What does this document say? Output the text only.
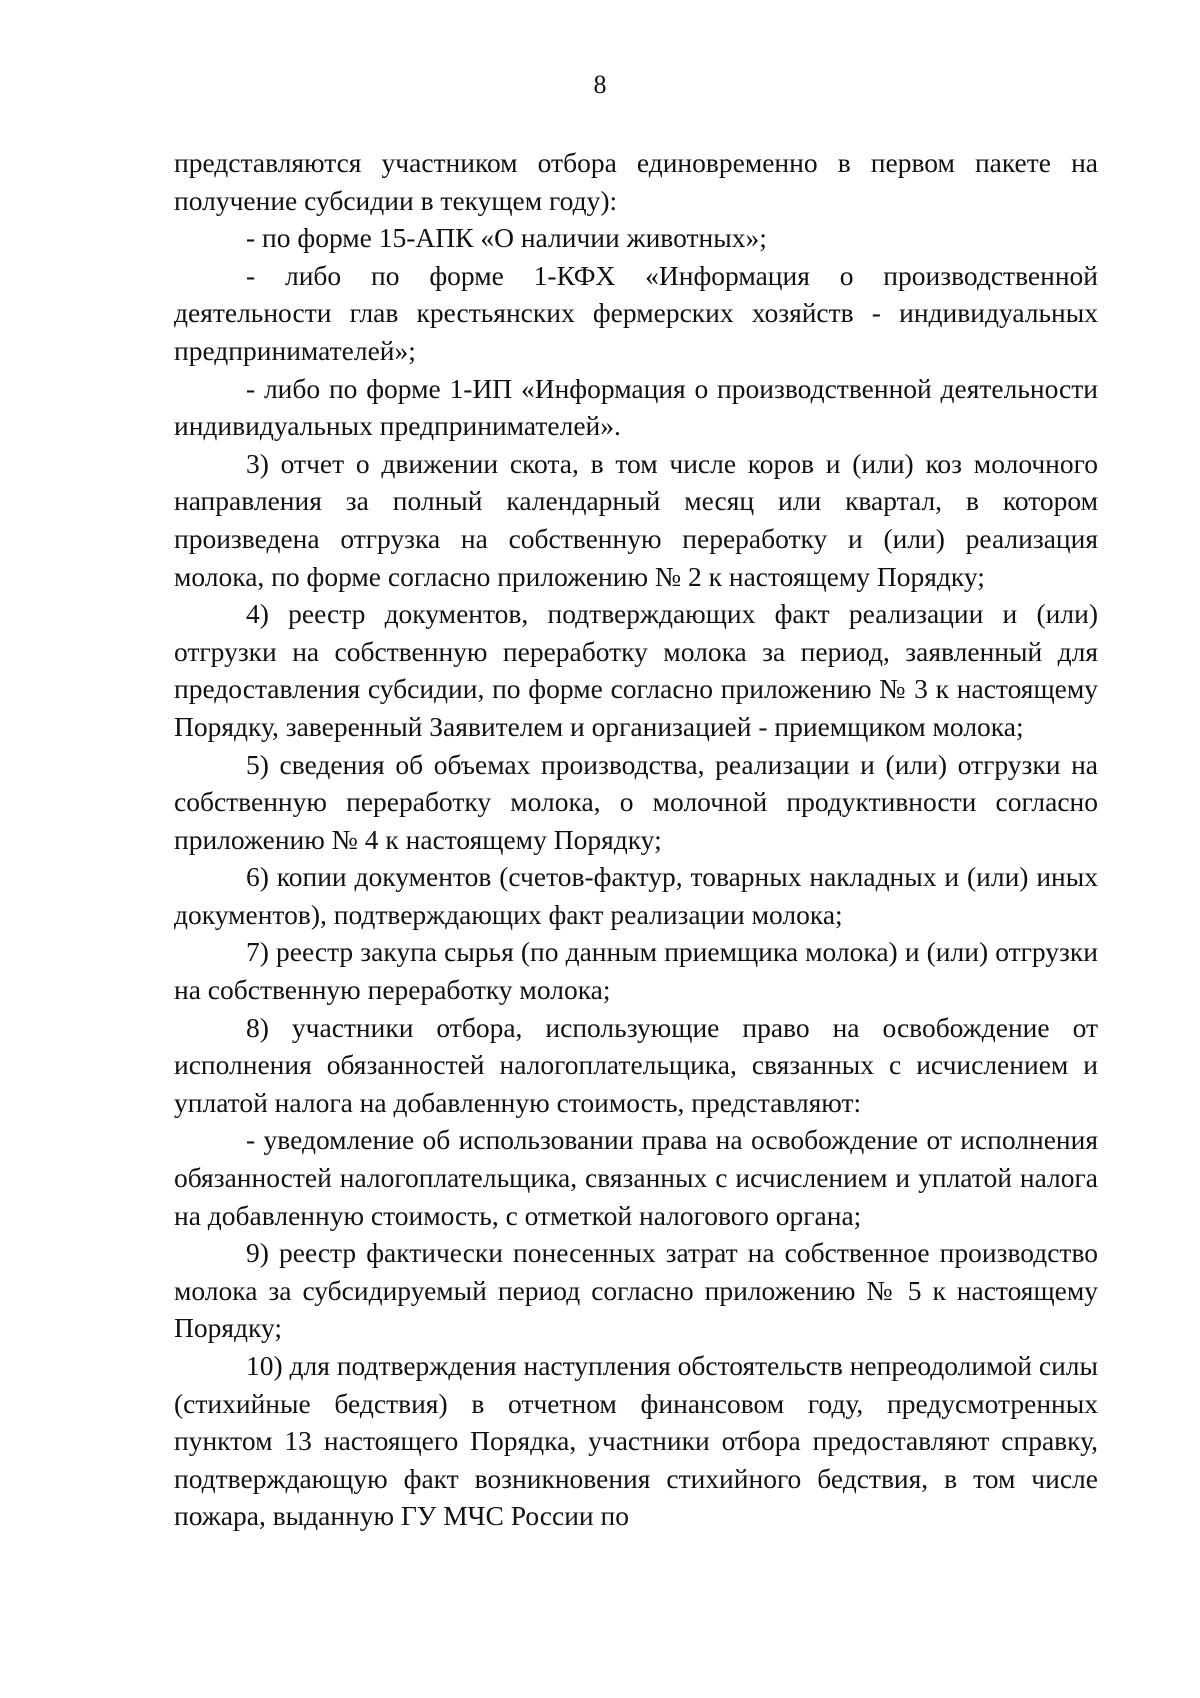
8

представляются участником отбора единовременно в первом пакете на получение субсидии в текущем году):

- по форме 15-АПК «О наличии животных»;

- либо по форме 1-КФХ «Информация о производственной деятельности глав крестьянских фермерских хозяйств - индивидуальных предпринимателей»;

- либо по форме 1-ИП «Информация о производственной деятельности индивидуальных предпринимателей».

3) отчет о движении скота, в том числе коров и (или) коз молочного направления за полный календарный месяц или квартал, в котором произведена отгрузка на собственную переработку и (или) реализация молока, по форме согласно приложению № 2 к настоящему Порядку;

4) реестр документов, подтверждающих факт реализации и (или) отгрузки на собственную переработку молока за период, заявленный для предоставления субсидии, по форме согласно приложению № 3 к настоящему Порядку, заверенный Заявителем и организацией - приемщиком молока;

5) сведения об объемах производства, реализации и (или) отгрузки на собственную переработку молока, о молочной продуктивности согласно приложению № 4 к настоящему Порядку;

6) копии документов (счетов-фактур, товарных накладных и (или) иных документов), подтверждающих факт реализации молока;

7) реестр закупа сырья (по данным приемщика молока) и (или) отгрузки на собственную переработку молока;

8) участники отбора, использующие право на освобождение от исполнения обязанностей налогоплательщика, связанных с исчислением и уплатой налога на добавленную стоимость, представляют:

- уведомление об использовании права на освобождение от исполнения обязанностей налогоплательщика, связанных с исчислением и уплатой налога на добавленную стоимость, с отметкой налогового органа;

9) реестр фактически понесенных затрат на собственное производство молока за субсидируемый период согласно приложению № 5 к настоящему Порядку;

10) для подтверждения наступления обстоятельств непреодолимой силы (стихийные бедствия) в отчетном финансовом году, предусмотренных пунктом 13 настоящего Порядка, участники отбора предоставляют справку, подтверждающую факт возникновения стихийного бедствия, в том числе пожара, выданную ГУ МЧС России по
